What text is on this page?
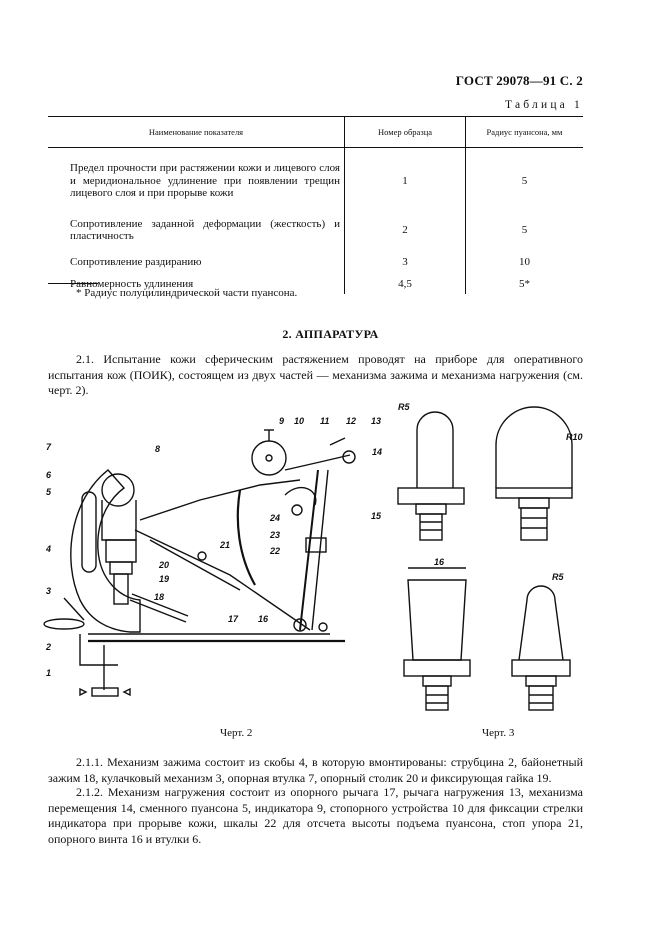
ГОСТ 29078—91 С. 2
Таблица 1
Наименование показателя	Номер образца	Радиус пуансона, мм
Предел прочности при растяжении кожи и лицевого слоя и меридиональное удлинение при появлении трещин лицевого слоя и при прорыве кожи	1	5
Сопротивление заданной деформации (жесткость) и пластичность	2	5
Сопротивление раздиранию	3	10
Равномерность удлинения	4,5	5*
* Радиус полуцилиндрической части пуансона.
2. АППАРАТУРА
2.1. Испытание кожи сферическим растяжением проводят на приборе для оперативного испытания кож (ПОИК), состоящем из двух частей — механизма зажима и механизма нагружения (см. черт. 2).
1
2
3
4
5
6
7	8
9 10 11 12 13
14
15
16
17
18
19
20
21
22
23
24
R5
R10
16
R5
Черт. 2	Черт. 3
2.1.1. Механизм зажима состоит из скобы 4, в которую вмонтированы: струбцина 2, байонетный зажим 18, кулачковый механизм 3, опорная втулка 7, опорный столик 20 и фиксирующая гайка 19.
2.1.2. Механизм нагружения состоит из опорного рычага 17, рычага нагружения 13, механизма перемещения 14, сменного пуансона 5, индикатора 9, стопорного устройства 10 для фиксации стрелки индикатора при прорыве кожи, шкалы 22 для отсчета высоты подъема пуансона, стоп упора 21, опорного винта 16 и втулки 6.
